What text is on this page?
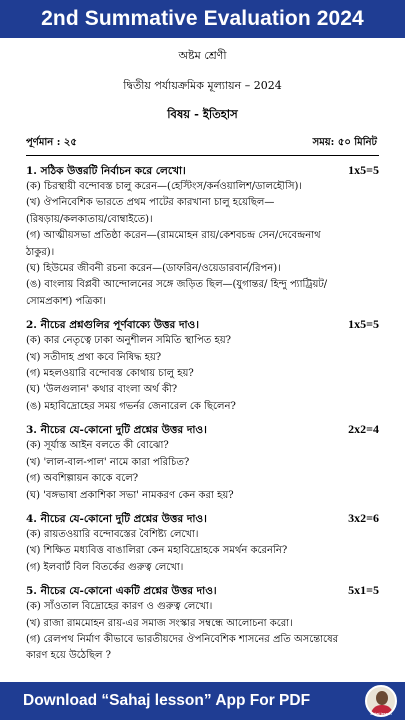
2nd Summative Evaluation 2024
অষ্টম শ্রেণী
দ্বিতীয় পর্যায়ক্রমিক মূল্যায়ন – 2024
বিষয় - ইতিহাস
পূর্ণমান : ২৫	সময়: ৫০ মিনিট
1. সঠিক উত্তরটি নির্বাচন করে লেখো।	1x5=5
(ক) চিরস্থায়ী বন্দোবস্ত চালু করেন—(হেস্টিংস/কর্নওয়ালিশ/ডালহৌসি)।
(খ) ঔপনিবেশিক ভারতে প্রথম পাটের কারখানা চালু হয়েছিল—
(রিষড়ায়/কলকাতায়/বোম্বাইতে)।
(গ) আত্মীয়সভা প্রতিষ্ঠা করেন—(রামমোহন রায়/কেশবচন্দ্র সেন/দেবেন্দ্রনাথ
ঠাকুর)।
(ঘ) হিউমের জীবনী রচনা করেন—(ডাফরিন/ওয়েডারবার্ন/রিপন)।
(ঙ) বাংলায় বিপ্লবী আন্দোলনের সঙ্গে জড়িত ছিল—(যুগান্তর/ হিন্দু প্যাট্রিয়ট/
সোমপ্রকাশ) পত্রিকা।
2. নীচের প্রশ্নগুলির পূর্ণবাক্যে উত্তর দাও।	1x5=5
(ক) কার নেতৃত্বে ঢাকা অনুশীলন সমিতি স্থাপিত হয়?
(খ) সতীদাহ প্রথা কবে নিষিদ্ধ হয়?
(গ) মহলওয়ারি বন্দোবস্ত কোথায় চালু হয়?
(ঘ) 'উলগুলান' কথার বাংলা অর্থ কী?
(ঙ) মহাবিদ্রোহের সময় গভর্নর জেনারেল কে ছিলেন?
3. নীচের যে-কোনো দুটি প্রশ্নের উত্তর দাও।	2x2=4
(ক) সূর্যাস্ত আইন বলতে কী বোঝো?
(খ) 'লাল-বাল-পাল' নামে কারা পরিচিত?
(গ) অবশিল্পায়ন কাকে বলে?
(ঘ) 'বঙ্গভাষা প্রকাশিকা সভা' নামকরণ কেন করা হয়?
4. নীচের যে-কোনো দুটি প্রশ্নের উত্তর দাও।	3x2=6
(ক) রায়তওয়ারি বন্দোবস্তের বৈশিষ্ট্য লেখো।
(খ) শিক্ষিত মধ্যবিত্ত বাঙালিরা কেন মহাবিদ্রোহকে সমর্থন করেননি?
(গ) ইলবার্ট বিল বিতর্কের গুরুত্ব লেখো।
5. নীচের যে-কোনো একটি প্রশ্নের উত্তর দাও।	5x1=5
(ক) সাঁওতাল বিদ্রোহের কারণ ও গুরুত্ব লেখো।
(খ) রাজা রামমোহন রায়-এর সমাজ সংস্কার সম্বন্ধে আলোচনা করো।
(গ) রেলপথ নির্মাণ কীভাবে ভারতীয়দের ঔপনিবেশিক শাসনের প্রতি অসন্তোষের
কারণ হয়ে উঠেছিল ?
Download “Sahaj lesson” App For PDF
Sahaj lesson
